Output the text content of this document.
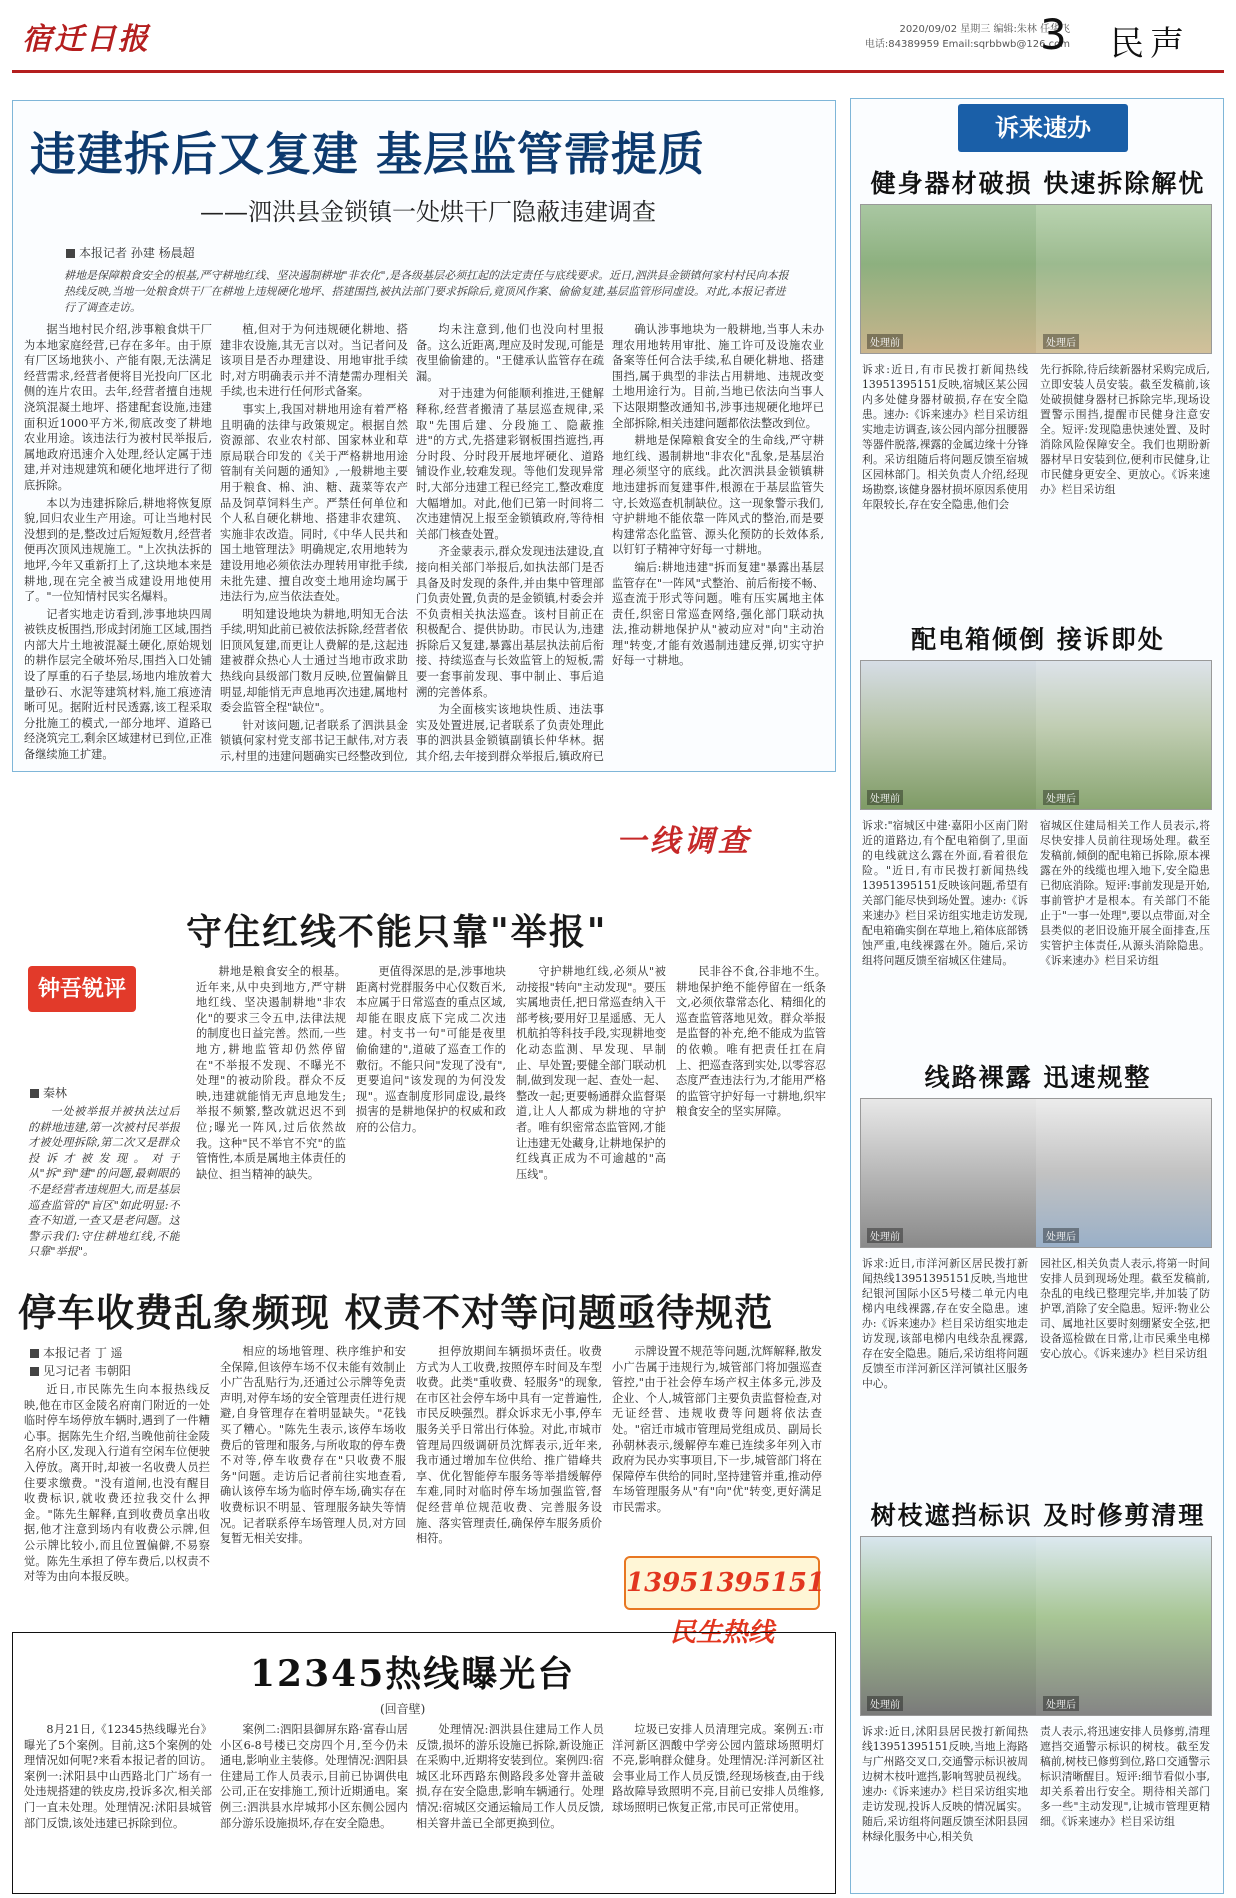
宿迁日报	2020/09/02 星期三 编辑:朱林 任华飞
电话:84389959 Email:sqrbbwb@126.com
3 民声
违建拆后又复建 基层监管需提质
——泗洪县金锁镇一处烘干厂隐蔽违建调查
本报记者 孙建 杨晨超
耕地是保障粮食安全的根基,严守耕地红线、坚决遏制耕地"非农化",是各级基层必须扛起的法定责任与底线要求。近日,泗洪县金锁镇何家村村民向本报热线反映,当地一处粮食烘干厂在耕地上违规硬化地坪、搭建围挡,被执法部门要求拆除后,竟顶风作案、偷偷复建,基层监管形同虚设。对此,本报记者进行了调查走访。

据当地村民介绍,涉事粮食烘干厂为本地家庭经营,已存在多年。由于原有厂区场地狭小、产能有限,无法满足经营需求,经营者便将目光投向厂区北侧的连片农田。去年,经营者擅自违规浇筑混凝土地坪、搭建配套设施,违建面积近1000平方米,彻底改变了耕地农业用途。该违法行为被村民举报后,属地政府迅速介入处理,经认定属于违建,并对违规建筑和硬化地坪进行了彻底拆除。

本以为违建拆除后,耕地将恢复原貌,回归农业生产用途。可让当地村民没想到的是,整改过后短短数月,经营者便再次顶风违规施工。"上次执法拆的地坪,今年又重新打上了,这块地本来是耕地,现在完全被当成建设用地使用了。"一位知情村民实名爆料。

记者实地走访看到,涉事地块四周被铁皮板围挡,形成封闭施工区域,围挡内部大片土地被混凝土硬化,原始规划的耕作层完全破坏殆尽,围挡入口处铺设了厚重的石子垫层,场地内堆放着大量砂石、水泥等建筑材料,施工痕迹清晰可见。据附近村民透露,该工程采取分批施工的模式,一部分地坪、道路已经浇筑完工,剩余区域建材已到位,正准备继续施工扩建。

植,但对于为何违规硬化耕地、搭建非农设施,其无言以对。当记者问及该项目是否办理建设、用地审批手续时,对方明确表示并不清楚需办理相关手续,也未进行任何形式备案。

事实上,我国对耕地用途有着严格且明确的法律与政策规定。根据自然资源部、农业农村部、国家林业和草原局联合印发的《关于严格耕地用途管制有关问题的通知》,一般耕地主要用于粮食、棉、油、糖、蔬菜等农产品及饲草饲料生产。严禁任何单位和个人私自硬化耕地、搭建非农建筑、实施非农改造。同时,《中华人民共和国土地管理法》明确规定,农用地转为建设用地必须依法办理转用审批手续,未批先建、擅自改变土地用途均属于违法行为,应当依法查处。

明知建设地块为耕地,明知无合法手续,明知此前已被依法拆除,经营者依旧顶风复建,而更让人费解的是,这起违建被群众热心人士通过当地市政求助热线向县级部门数月反映,位置偏僻且明显,却能悄无声息地再次违建,属地村委会监管全程"缺位"。

针对该问题,记者联系了泗洪县金锁镇何家村党支部书记王献伟,对方表示,村里的违建问题确实已经整改到位,

均未注意到,他们也没向村里报备。这么近距离,理应及时发现,可能是夜里偷偷建的。"王健承认监管存在疏漏。

对于违建为何能顺利推进,王健解释称,经营者搬清了基层巡查规律,采取"先围后建、分段施工、隐蔽推进"的方式,先搭建彩钢板围挡遮挡,再分时段、分时段开展地坪硬化、道路铺设作业,较难发现。等他们发现异常时,大部分违建工程已经完工,整改难度大幅增加。对此,他们已第一时间将二次违建情况上报至金锁镇政府,等待相关部门核查处置。

齐金蒙表示,群众发现违法建设,直接向相关部门举报后,如执法部门是否具备及时发现的条件,并由集中管理部门负责处置,负责的是金锁镇,村委会并不负责相关执法巡查。该村目前正在积极配合、提供协助。市民认为,违建拆除后又复建,暴露出基层执法前后衔接、持续巡查与长效监管上的短板,需要一套事前发现、事中制止、事后追溯的完善体系。

为全面核实该地块性质、违法事实及处置进展,记者联系了负责处理此事的泗洪县金锁镇副镇长仲华林。据其介绍,去年接到群众举报后,镇政府已

确认涉事地块为一般耕地,当事人未办理农用地转用审批、施工许可及设施农业备案等任何合法手续,私自硬化耕地、搭建围挡,属于典型的非法占用耕地、违规改变土地用途行为。目前,当地已依法向当事人下达限期整改通知书,涉事违规硬化地坪已全部拆除,相关违建问题都依法整改到位。

耕地是保障粮食安全的生命线,严守耕地红线、遏制耕地"非农化"乱象,是基层治理必须坚守的底线。此次泗洪县金锁镇耕地违建拆而复建事件,根源在于基层监管失守,长效巡查机制缺位。这一现象警示我们,守护耕地不能依靠一阵风式的整治,而是要构建常态化监管、源头化预防的长效体系,以钉钉子精神守好每一寸耕地。

编后:耕地违建"拆而复建"暴露出基层监管存在"一阵风"式整治、前后衔接不畅、巡查流于形式等问题。唯有压实属地主体责任,织密日常巡查网络,强化部门联动执法,推动耕地保护从"被动应对"向"主动治理"转变,才能有效遏制违建反弹,切实守护好每一寸耕地。

一线调查
守住红线不能只靠"举报"
钟吾锐评
秦林

一处被举报并被执法过后的耕地违建,第一次被村民举报才被处理拆除,第二次又是群众投诉才被发现。对于从"拆"到"建"的问题,最刺眼的不是经营者违规胆大,而是基层巡查监管的"盲区"如此明显:不查不知道,一查又是老问题。这警示我们:守住耕地红线,不能只靠"举报"。

耕地是粮食安全的根基。近年来,从中央到地方,严守耕地红线、坚决遏制耕地"非农化"的要求三令五申,法律法规的制度也日益完善。然而,一些地方,耕地监管却仍然停留在"不举报不发现、不曝光不处理"的被动阶段。群众不反映,违建就能悄无声息地发生;举报不频繁,整改就迟迟不到位;曝光一阵风,过后依然故我。这种"民不举官不究"的监管惰性,本质是属地主体责任的缺位、担当精神的缺失。

更值得深思的是,涉事地块距离村党群服务中心仅数百米,本应属于日常巡查的重点区域,却能在眼皮底下完成二次违建。村支书一句"可能是夜里偷偷建的",道破了巡查工作的敷衍。不能只问"发现了没有",更要追问"该发现的为何没发现"。巡查制度形同虚设,最终损害的是耕地保护的权威和政府的公信力。

守护耕地红线,必须从"被动接报"转向"主动发现"。要压实属地责任,把日常巡查纳入干部考核;要用好卫星遥感、无人机航拍等科技手段,实现耕地变化动态监测、早发现、早制止、早处置;要健全部门联动机制,做到发现一起、查处一起、整改一起;更要畅通群众监督渠道,让人人都成为耕地的守护者。唯有织密常态监管网,才能让违建无处藏身,让耕地保护的红线真正成为不可逾越的"高压线"。

民非谷不食,谷非地不生。耕地保护绝不能停留在一纸条文,必须依靠常态化、精细化的巡查监管落地见效。群众举报是监督的补充,绝不能成为监管的依赖。唯有把责任扛在肩上、把巡查落到实处,以零容忍态度严查违法行为,才能用严格的监管守护好每一寸耕地,织牢粮食安全的坚实屏障。

停车收费乱象频现 权责不对等问题亟待规范
本报记者 丁 遥
见习记者 韦朝阳

近日,市民陈先生向本报热线反映,他在市区金陵名府南门附近的一处临时停车场停放车辆时,遇到了一件糟心事。据陈先生介绍,当晚他前往金陵名府小区,发现入行道有空闲车位便驶入停放。离开时,却被一名收费人员拦住要求缴费。"没有道闸,也没有醒目收费标识,就收费还拉我交什么押金。"陈先生解释,直到收费员拿出收据,他才注意到场内有收费公示牌,但公示牌比较小,而且位置偏僻,不易察觉。陈先生承担了停车费后,以权责不对等为由向本报反映。

相应的场地管理、秩序维护和安全保障,但该停车场不仅未能有效制止小广告乱贴行为,还通过公示牌等免责声明,对停车场的安全管理责任进行规避,自身管理存在着明显缺失。"花钱买了糟心。"陈先生表示,该停车场收费后的管理和服务,与所收取的停车费不对等,停车收费存在"只收费不服务"问题。走访后记者前往实地查看,确认该停车场为临时停车场,确实存在收费标识不明显、管理服务缺失等情况。记者联系停车场管理人员,对方回复暂无相关安排。

担停放期间车辆损坏责任。收费方式为人工收费,按照停车时间及车型收费。此类"重收费、轻服务"的现象,在市区社会停车场中具有一定普遍性,市民反映强烈。群众诉求无小事,停车服务关乎日常出行体验。对此,市城市管理局四级调研员沈辉表示,近年来,我市通过增加车位供给、推广错峰共享、优化智能停车服务等举措缓解停车难,同时对临时停车场加强监管,督促经营单位规范收费、完善服务设施、落实管理责任,确保停车服务质价相符。

示牌设置不规范等问题,沈辉解释,散发小广告属于违规行为,城管部门将加强巡查管控,"由于社会停车场产权主体多元,涉及企业、个人,城管部门主要负责监督检查,对无证经营、违规收费等问题将依法查处。"宿迁市城市管理局党组成员、副局长孙朝林表示,缓解停车难已连续多年列入市政府为民办实事项目,下一步,城管部门将在保障停车供给的同时,坚持建管并重,推动停车场管理服务从"有"向"优"转变,更好满足市民需求。

13951395151 民生热线
12345热线曝光台
(回音壁)

8月21日,《12345热线曝光台》曝光了5个案例。目前,这5个案例的处理情况如何呢?来看本报记者的回访。案例一:沭阳县中山西路北门广场有一处违规搭建的铁皮房,投诉多次,相关部门一直未处理。处理情况:沭阳县城管部门反馈,该处违建已拆除到位。

案例二:泗阳县御屏东路·富春山居小区6-8号楼已交房四个月,至今仍未通电,影响业主装修。处理情况:泗阳县住建局工作人员表示,目前已协调供电公司,正在安排施工,预计近期通电。案例三:泗洪县水岸城邦小区东侧公园内部分游乐设施损坏,存在安全隐患。

处理情况:泗洪县住建局工作人员反馈,损坏的游乐设施已拆除,新设施正在采购中,近期将安装到位。案例四:宿城区北环西路东侧路段多处窨井盖破损,存在安全隐患,影响车辆通行。处理情况:宿城区交通运输局工作人员反馈,相关窨井盖已全部更换到位。

垃圾已安排人员清理完成。案例五:市洋河新区泗酸中学旁公园内篮球场照明灯不亮,影响群众健身。处理情况:洋河新区社会事业局工作人员反馈,经现场核查,由于线路故障导致照明不亮,目前已安排人员维修,球场照明已恢复正常,市民可正常使用。

诉来速办
健身器材破损 快速拆除解忧
处理前	处理后

诉求:近日,有市民拨打新闻热线13951395151反映,宿城区某公园内多处健身器材破损,存在安全隐患。速办:《诉来速办》栏目采访组实地走访调查,该公园内部分扭腰器等器件脱落,裸露的金属边缘十分锋利。采访组随后将问题反馈至宿城区园林部门。相关负责人介绍,经现场勘察,该健身器材损坏原因系使用年限较长,存在安全隐患,他们会

先行拆除,待后续新器材采购完成后,立即安装人员安装。截至发稿前,该处破损健身器材已拆除完毕,现场设置警示围挡,提醒市民健身注意安全。短评:发现隐患快速处置、及时消除风险保障安全。我们也期盼新器材早日安装到位,便利市民健身,让市民健身更安全、更放心。《诉来速办》栏目采访组

配电箱倾倒 接诉即处
处理前	处理后

诉求:"宿城区中建·嘉阳小区南门附近的道路边,有个配电箱倒了,里面的电线就这么露在外面,看着很危险。"近日,有市民拨打新闻热线13951395151反映该问题,希望有关部门能尽快到场处置。速办:《诉来速办》栏目采访组实地走访发现,配电箱确实倒在草地上,箱体底部锈蚀严重,电线裸露在外。随后,采访组将问题反馈至宿城区住建局。

宿城区住建局相关工作人员表示,将尽快安排人员前往现场处理。截至发稿前,倾倒的配电箱已拆除,原本裸露在外的线缆也埋入地下,安全隐患已彻底消除。短评:事前发现是开始,事前管护才是根本。有关部门不能止于"一事一处理",要以点带面,对全县类似的老旧设施开展全面排查,压实管护主体责任,从源头消除隐患。《诉来速办》栏目采访组

线路裸露 迅速规整
处理前	处理后

诉求:近日,市洋河新区居民拨打新闻热线13951395151反映,当地世纪银河国际小区5号楼二单元内电梯内电线裸露,存在安全隐患。速办:《诉来速办》栏目采访组实地走访发现,该部电梯内电线杂乱裸露,存在安全隐患。随后,采访组将问题反馈至市洋河新区洋河镇社区服务中心。

园社区,相关负责人表示,将第一时间安排人员到现场处理。截至发稿前,杂乱的电线已整理完毕,并加装了防护罩,消除了安全隐患。短评:物业公司、属地社区要时刻绷紧安全弦,把设备巡检做在日常,让市民乘坐电梯安心放心。《诉来速办》栏目采访组

树枝遮挡标识 及时修剪清理
处理前	处理后

诉求:近日,沭阳县居民拨打新闻热线13951395151反映,当地上海路与广州路交叉口,交通警示标识被周边树木枝叶遮挡,影响驾驶员视线。速办:《诉来速办》栏目采访组实地走访发现,投诉人反映的情况属实。随后,采访组将问题反馈至沭阳县园林绿化服务中心,相关负

责人表示,将迅速安排人员修剪,清理遮挡交通警示标识的树枝。截至发稿前,树枝已修剪到位,路口交通警示标识清晰醒目。短评:细节看似小事,却关系着出行安全。期待相关部门多一些"主动发现",让城市管理更精细。《诉来速办》栏目采访组
